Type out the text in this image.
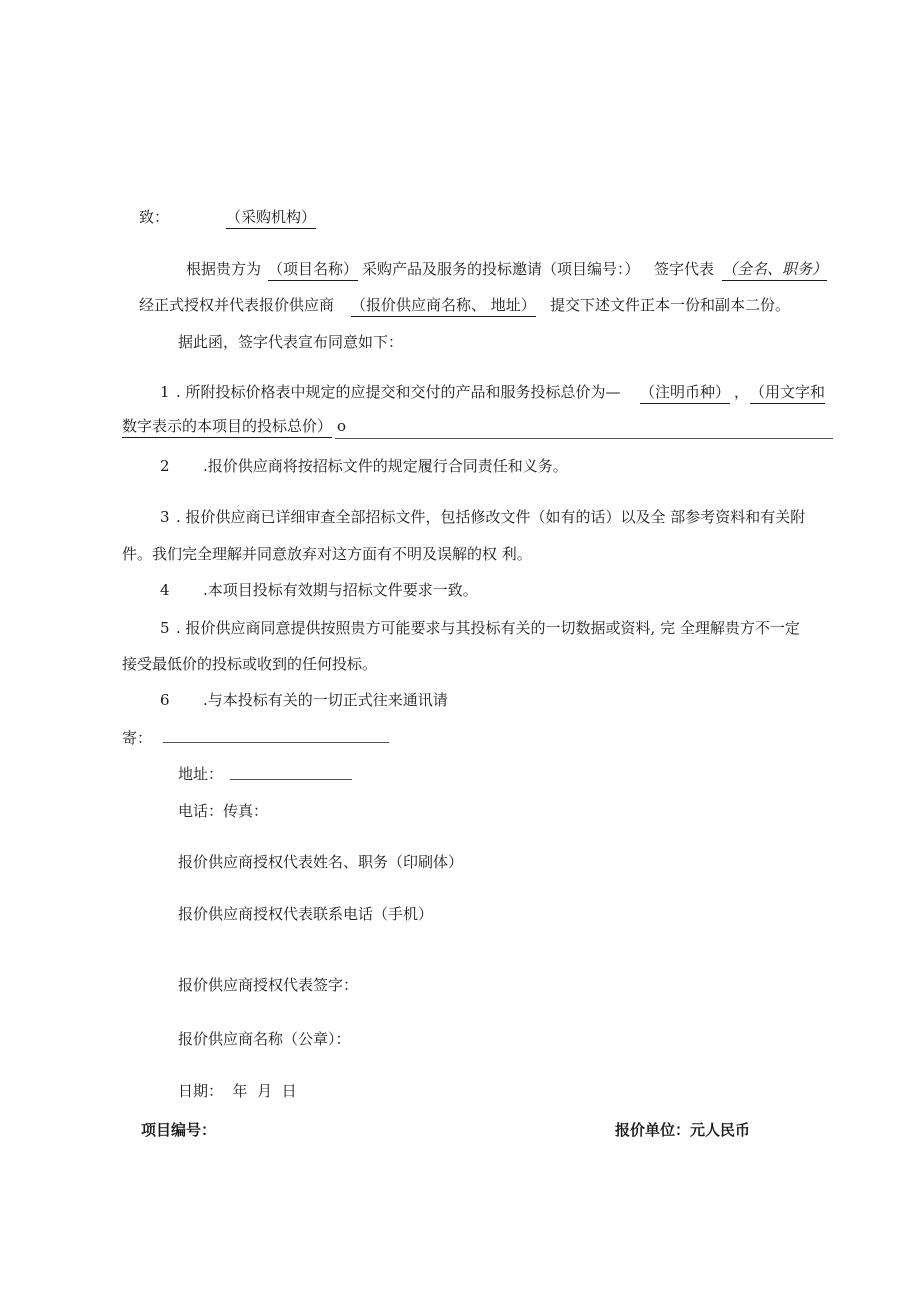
致：	（采购机构）
根据贵方为 （项目名称） 采购产品及服务的投标邀请（项目编号：） 签字代表 （全名、职务）
经正式授权并代表报价供应商 （报价供应商名称、 地址） 提交下述文件正本一份和副本二份。
据此函，签字代表宣布同意如下：
1 . 所附投标价格表中规定的应提交和交付的产品和服务投标总价为— （注明币种） ， （用文字和
数字表示的本项目的投标总价） o
2 .报价供应商将按招标文件的规定履行合同责任和义务。
3 . 报价供应商已详细审查全部招标文件，包括修改文件（如有的话）以及全 部参考资料和有关附
件。我们完全理解并同意放弃对这方面有不明及误解的权 利。
4 .本项目投标有效期与招标文件要求一致。
5 . 报价供应商同意提供按照贵方可能要求与其投标有关的一切数据或资料, 完 全理解贵方不一定
接受最低价的投标或收到的任何投标。
6 .与本投标有关的一切正式往来通讯请
寄：
地址：
电话：传真：
报价供应商授权代表姓名、职务（印刷体）
报价供应商授权代表联系电话（手机）
报价供应商授权代表签字：
报价供应商名称（公章）：
日期：  年  月  日
项目编号：	报价单位：元人民币
